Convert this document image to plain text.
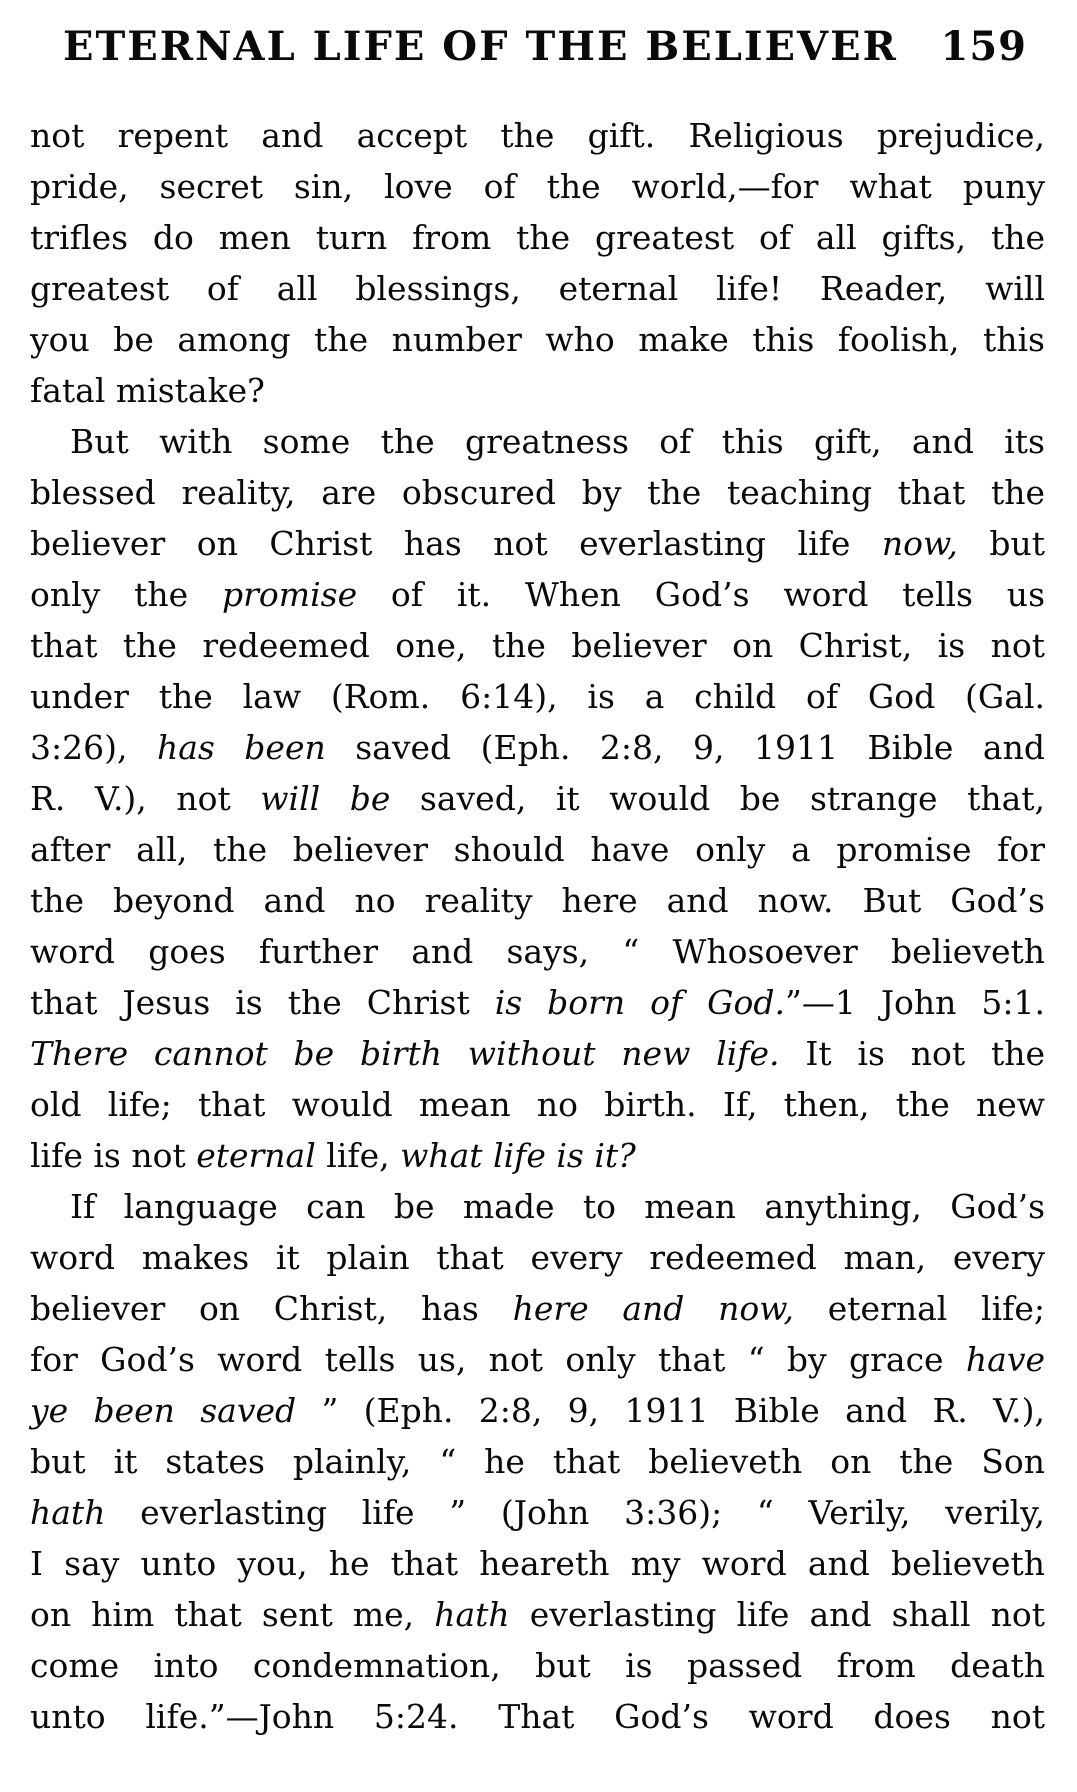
ETERNAL LIFE OF THE BELIEVER 159
not repent and accept the gift. Religious prejudice,
pride, secret sin, love of the world,—for what puny
trifles do men turn from the greatest of all gifts, the
greatest of all blessings, eternal life! Reader, will
you be among the number who make this foolish, this
fatal mistake?
But with some the greatness of this gift, and its
blessed reality, are obscured by the teaching that the
believer on Christ has not everlasting life now, but
only the promise of it. When God’s word tells us
that the redeemed one, the believer on Christ, is not
under the law (Rom. 6:14), is a child of God (Gal.
3:26), has been saved (Eph. 2:8, 9, 1911 Bible and
R. V.), not will be saved, it would be strange that,
after all, the believer should have only a promise for
the beyond and no reality here and now. But God’s
word goes further and says, “ Whosoever believeth
that Jesus is the Christ is born of God.”—1 John 5:1.
There cannot be birth without new life. It is not the
old life; that would mean no birth. If, then, the new
life is not eternal life, what life is it?
If language can be made to mean anything, God’s
word makes it plain that every redeemed man, every
believer on Christ, has here and now, eternal life;
for God’s word tells us, not only that “ by grace have
ye been saved ” (Eph. 2:8, 9, 1911 Bible and R. V.),
but it states plainly, “ he that believeth on the Son
hath everlasting life ” (John 3:36); “ Verily, verily,
I say unto you, he that heareth my word and believeth
on him that sent me, hath everlasting life and shall not
come into condemnation, but is passed from death
unto life.”—John 5:24. That God’s word does not
